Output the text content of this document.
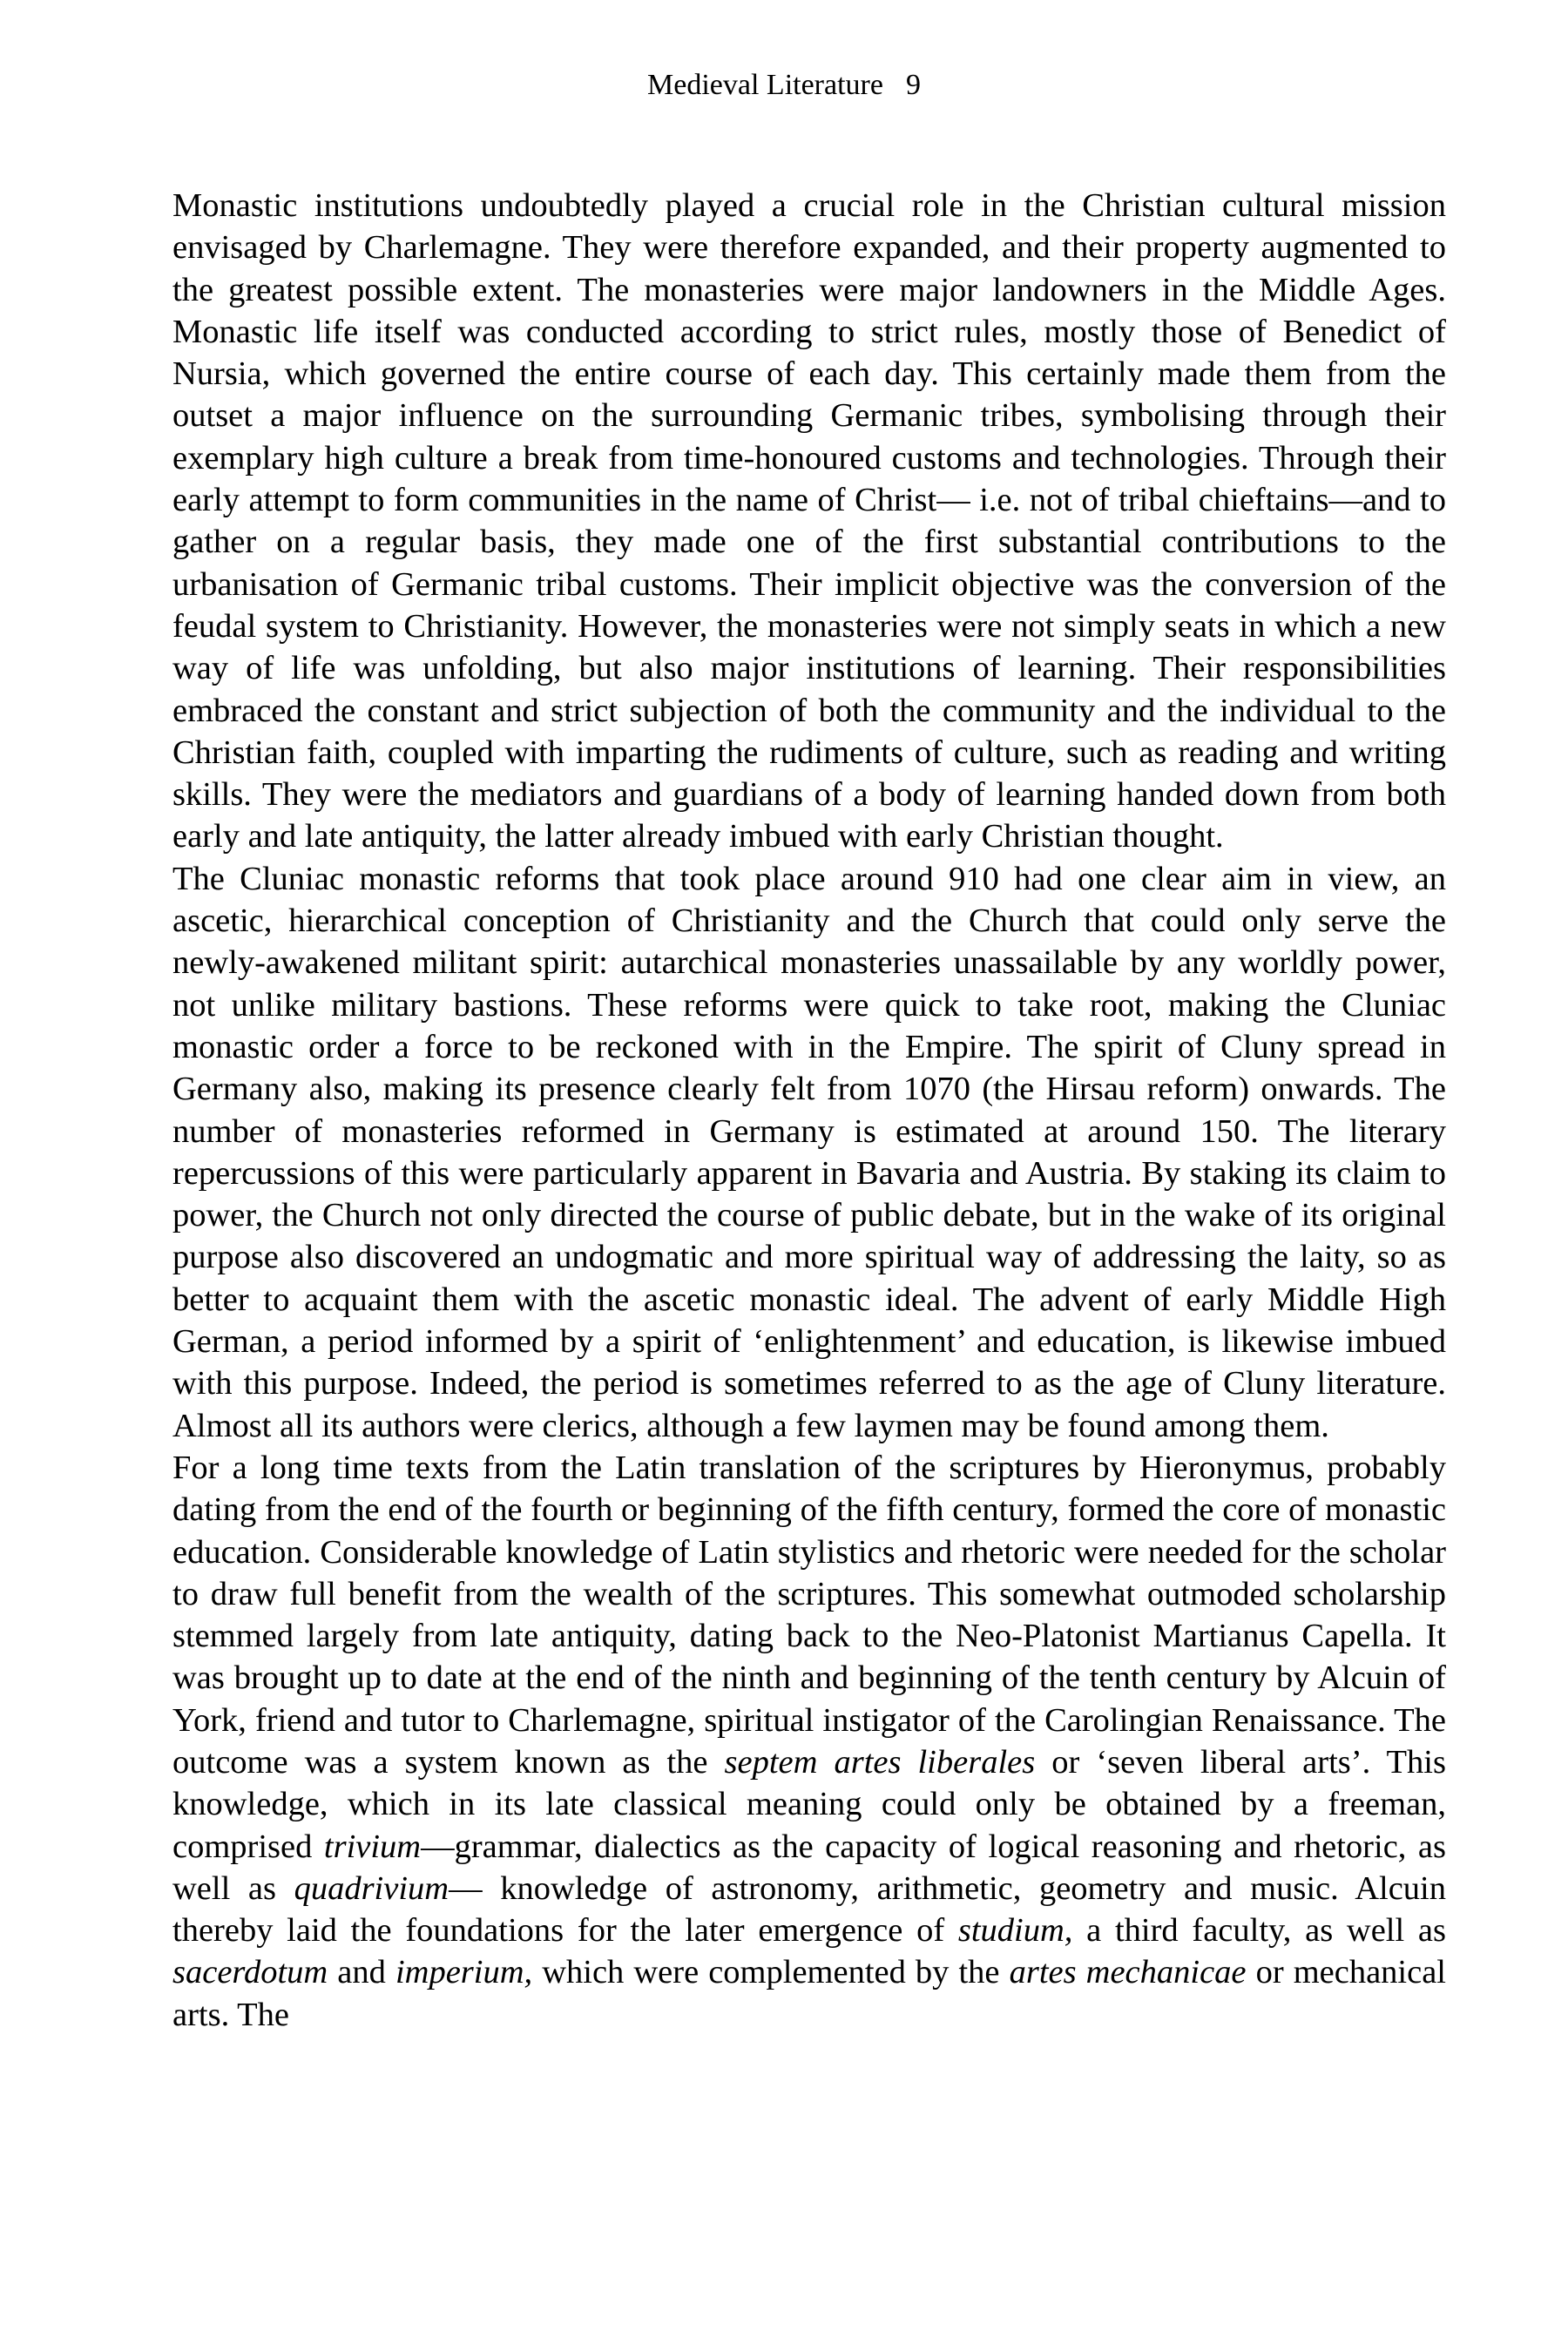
Medieval Literature 9

Monastic institutions undoubtedly played a crucial role in the Christian cultural mission envisaged by Charlemagne. They were therefore expanded, and their property augmented to the greatest possible extent. The monasteries were major landowners in the Middle Ages. Monastic life itself was conducted according to strict rules, mostly those of Benedict of Nursia, which governed the entire course of each day. This certainly made them from the outset a major influence on the surrounding Germanic tribes, symbolising through their exemplary high culture a break from time-honoured customs and technologies. Through their early attempt to form communities in the name of Christ— i.e. not of tribal chieftains—and to gather on a regular basis, they made one of the first substantial contributions to the urbanisation of Germanic tribal customs. Their implicit objective was the conversion of the feudal system to Christianity. However, the monasteries were not simply seats in which a new way of life was unfolding, but also major institutions of learning. Their responsibilities embraced the constant and strict subjection of both the community and the individual to the Christian faith, coupled with imparting the rudiments of culture, such as reading and writing skills. They were the mediators and guardians of a body of learning handed down from both early and late antiquity, the latter already imbued with early Christian thought.

The Cluniac monastic reforms that took place around 910 had one clear aim in view, an ascetic, hierarchical conception of Christianity and the Church that could only serve the newly-awakened militant spirit: autarchical monasteries unassailable by any worldly power, not unlike military bastions. These reforms were quick to take root, making the Cluniac monastic order a force to be reckoned with in the Empire. The spirit of Cluny spread in Germany also, making its presence clearly felt from 1070 (the Hirsau reform) onwards. The number of monasteries reformed in Germany is estimated at around 150. The literary repercussions of this were particularly apparent in Bavaria and Austria. By staking its claim to power, the Church not only directed the course of public debate, but in the wake of its original purpose also discovered an undogmatic and more spiritual way of addressing the laity, so as better to acquaint them with the ascetic monastic ideal. The advent of early Middle High German, a period informed by a spirit of ‘enlightenment’ and education, is likewise imbued with this purpose. Indeed, the period is sometimes referred to as the age of Cluny literature. Almost all its authors were clerics, although a few laymen may be found among them.

For a long time texts from the Latin translation of the scriptures by Hieronymus, probably dating from the end of the fourth or beginning of the fifth century, formed the core of monastic education. Considerable knowledge of Latin stylistics and rhetoric were needed for the scholar to draw full benefit from the wealth of the scriptures. This somewhat outmoded scholarship stemmed largely from late antiquity, dating back to the Neo-Platonist Martianus Capella. It was brought up to date at the end of the ninth and beginning of the tenth century by Alcuin of York, friend and tutor to Charlemagne, spiritual instigator of the Carolingian Renaissance. The outcome was a system known as the septem artes liberales or ‘seven liberal arts’. This knowledge, which in its late classical meaning could only be obtained by a freeman, comprised trivium—grammar, dialectics as the capacity of logical reasoning and rhetoric, as well as quadrivium— knowledge of astronomy, arithmetic, geometry and music. Alcuin thereby laid the foundations for the later emergence of studium, a third faculty, as well as sacerdotum and imperium, which were complemented by the artes mechanicae or mechanical arts. The
